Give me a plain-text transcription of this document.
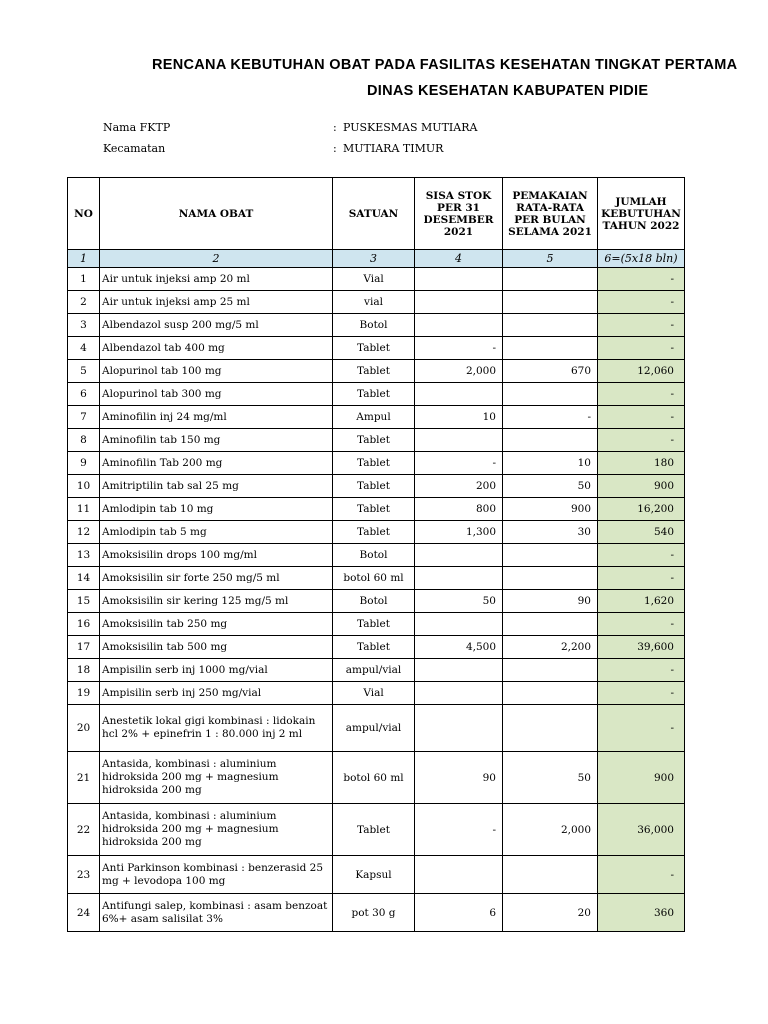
RENCANA KEBUTUHAN OBAT PADA FASILITAS KESEHATAN TINGKAT PERTAMA
DINAS KESEHATAN KABUPATEN PIDIE
Nama FKTP	: PUSKESMAS MUTIARA
Kecamatan	: MUTIARA TIMUR
NO	NAMA OBAT	SATUAN	SISA STOK PER 31 DESEMBER 2021	PEMAKAIAN RATA-RATA PER BULAN SELAMA 2021	JUMLAH KEBUTUHAN TAHUN 2022
1	2	3	4	5	6=(5x18 bln)
1	Air untuk injeksi amp 20 ml	Vial			-
2	Air untuk injeksi amp 25 ml	vial			-
3	Albendazol susp 200 mg/5 ml	Botol			-
4	Albendazol tab 400 mg	Tablet	-		-
5	Alopurinol tab 100 mg	Tablet	2,000	670	12,060
6	Alopurinol tab 300 mg	Tablet			-
7	Aminofilin inj 24 mg/ml	Ampul	10	-	-
8	Aminofilin tab 150 mg	Tablet			-
9	Aminofilin Tab 200 mg	Tablet	-	10	180
10	Amitriptilin tab sal 25 mg	Tablet	200	50	900
11	Amlodipin tab 10 mg	Tablet	800	900	16,200
12	Amlodipin tab 5 mg	Tablet	1,300	30	540
13	Amoksisilin drops 100 mg/ml	Botol			-
14	Amoksisilin sir forte 250 mg/5 ml	botol 60 ml			-
15	Amoksisilin sir kering 125 mg/5 ml	Botol	50	90	1,620
16	Amoksisilin tab 250 mg	Tablet			-
17	Amoksisilin tab 500 mg	Tablet	4,500	2,200	39,600
18	Ampisilin serb inj 1000 mg/vial	ampul/vial			-
19	Ampisilin serb inj 250 mg/vial	Vial			-
20	Anestetik lokal gigi kombinasi : lidokain hcl 2% + epinefrin 1 : 80.000 inj 2 ml	ampul/vial			-
21	Antasida, kombinasi : aluminium hidroksida 200 mg + magnesium hidroksida 200 mg	botol 60 ml	90	50	900
22	Antasida, kombinasi : aluminium hidroksida 200 mg + magnesium hidroksida 200 mg	Tablet	-	2,000	36,000
23	Anti Parkinson kombinasi : benzerasid 25 mg + levodopa 100 mg	Kapsul			-
24	Antifungi salep, kombinasi : asam benzoat 6%+ asam salisilat 3%	pot 30 g	6	20	360
